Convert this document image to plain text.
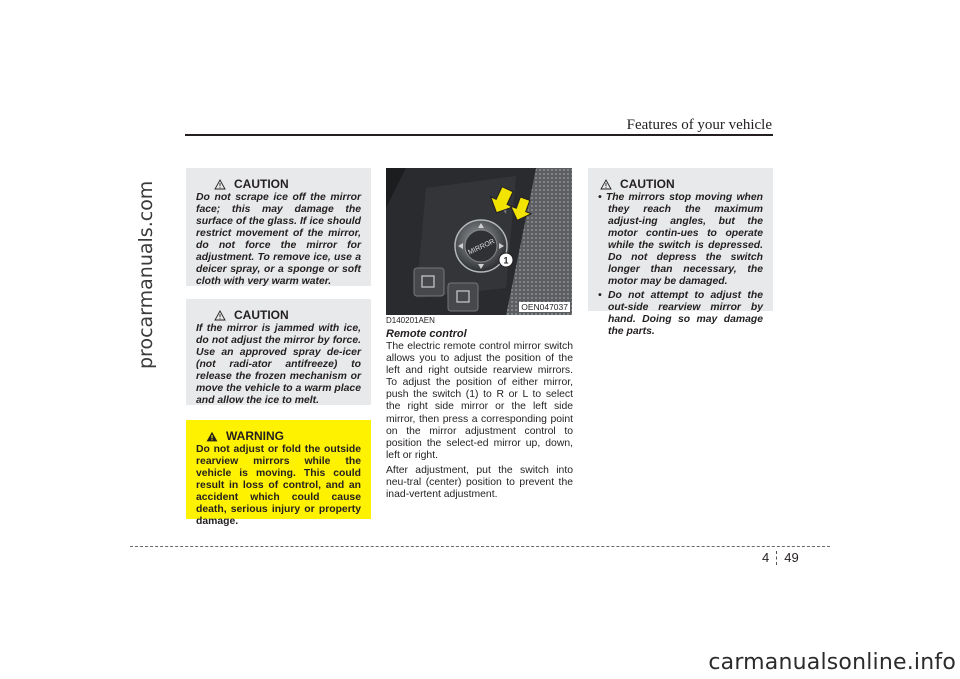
procarmanuals.com
Features of your vehicle
CAUTION
Do not scrape ice off the mirror face; this may damage the surface of the glass. If ice should restrict movement of the mirror, do not force the mirror for adjustment. To remove ice, use a deicer spray, or a sponge or soft cloth with very warm water.
CAUTION
If the mirror is jammed with ice, do not adjust the mirror by force. Use an approved spray de-icer (not radi-ator antifreeze) to release the frozen mechanism or move the vehicle to a warm place and allow the ice to melt.
WARNING
Do not adjust or fold the outside rearview mirrors while the vehicle is moving. This could result in loss of control, and an accident which could cause death, serious injury or property damage.
MIRROR
1
OEN047037
D140201AEN
Remote control

The electric remote control mirror switch allows you to adjust the position of the left and right outside rearview mirrors. To adjust the position of either mirror, push the switch (1) to R or L to select the right side mirror or the left side mirror, then press a corresponding point on the mirror adjustment control to position the select-ed mirror up, down, left or right.

After adjustment, put the switch into neu-tral (center) position to prevent the inad-vertent adjustment.

CAUTION
• The mirrors stop moving when they reach the maximum adjust-ing angles, but the motor contin-ues to operate while the switch is depressed. Do not depress the switch longer than necessary, the motor may be damaged.
• Do not attempt to adjust the out-side rearview mirror by hand. Doing so may damage the parts.
4 49
carmanualsonline.info
